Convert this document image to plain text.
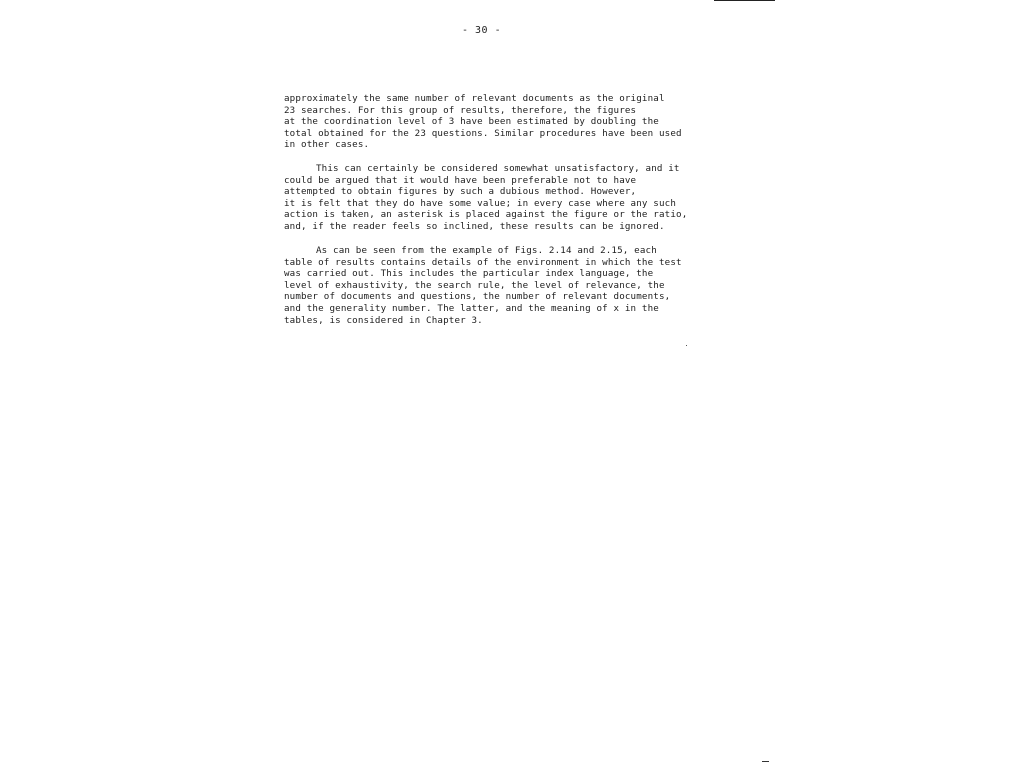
- 30 -
approximately the same number of relevant documents as the original
23 searches. For this group of results, therefore, the figures
at the coordination level of 3 have been estimated by doubling the
total obtained for the 23 questions. Similar procedures have been used
in other cases.
This can certainly be considered somewhat unsatisfactory, and it
could be argued that it would have been preferable not to have
attempted to obtain figures by such a dubious method. However,
it is felt that they do have some value; in every case where any such
action is taken, an asterisk is placed against the figure or the ratio,
and, if the reader feels so inclined, these results can be ignored.
As can be seen from the example of Figs. 2.14 and 2.15, each
table of results contains details of the environment in which the test
was carried out. This includes the particular index language, the
level of exhaustivity, the search rule, the level of relevance, the
number of documents and questions, the number of relevant documents,
and the generality number. The latter, and the meaning of x in the
tables, is considered in Chapter 3.
